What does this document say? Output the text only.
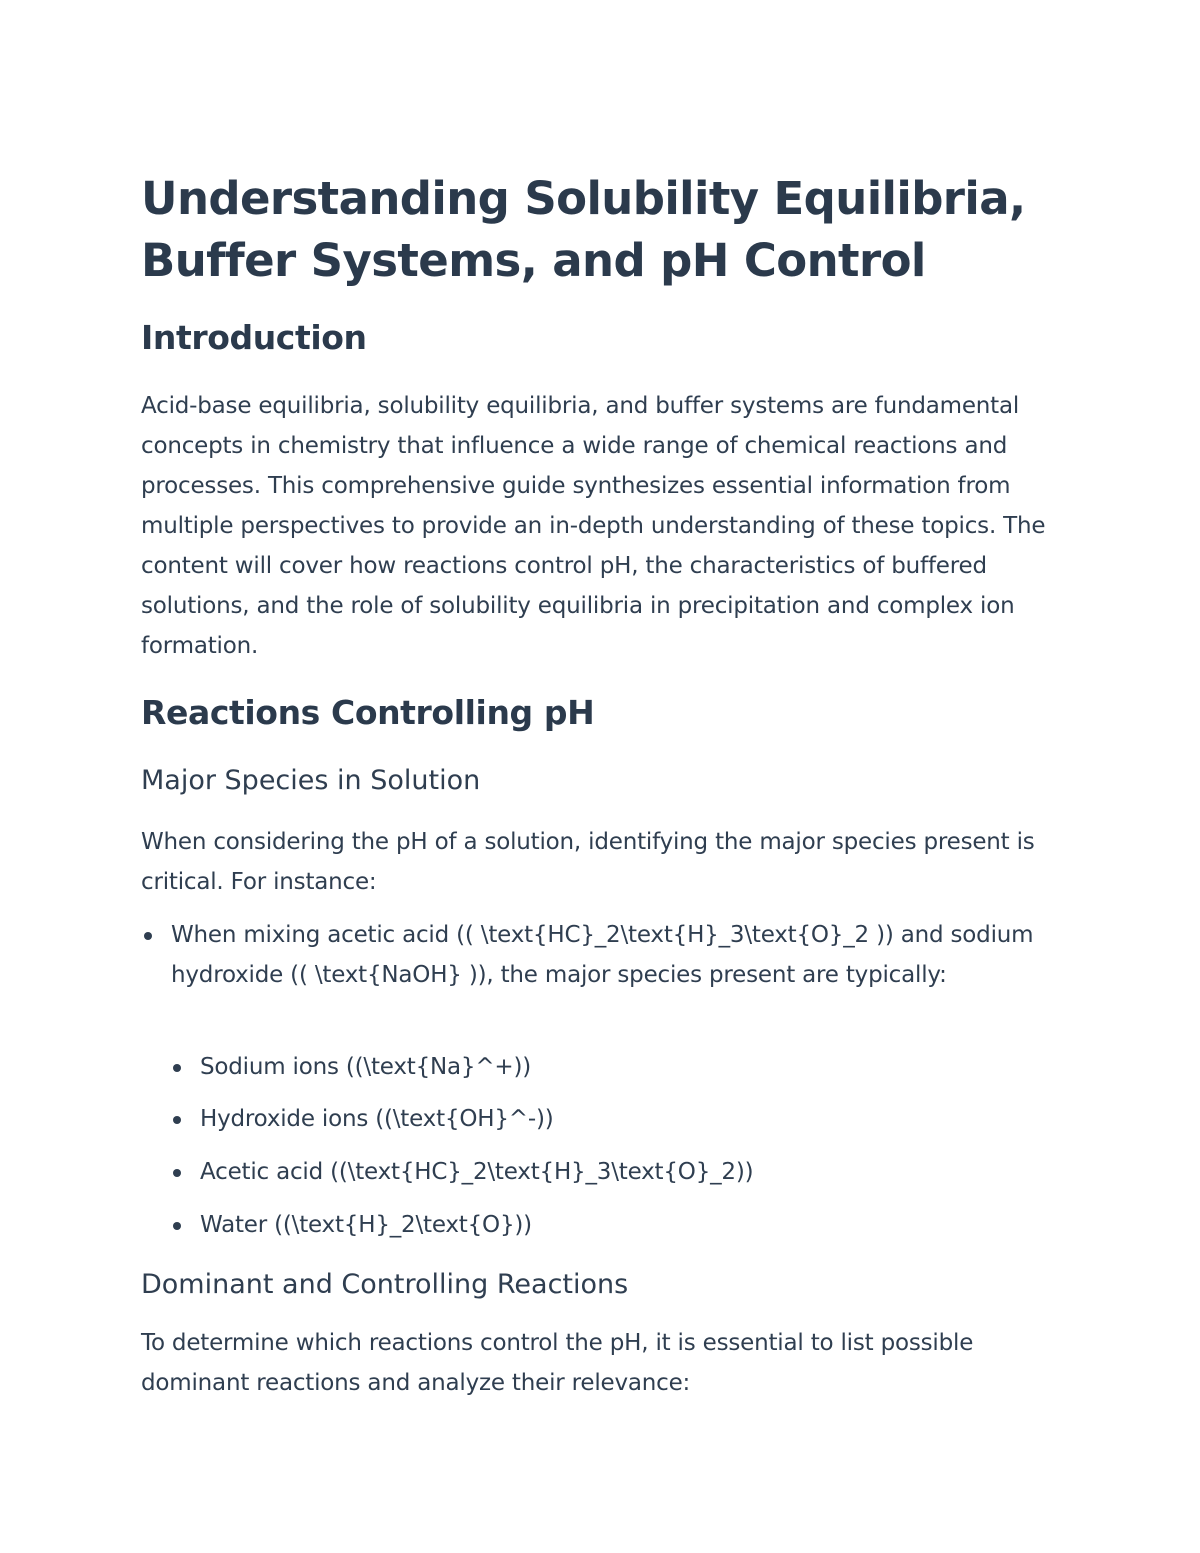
Understanding Solubility Equilibria, Buffer Systems, and pH Control
Introduction

Acid-base equilibria, solubility equilibria, and buffer systems are fundamental concepts in chemistry that influence a wide range of chemical reactions and processes. This comprehensive guide synthesizes essential information from multiple perspectives to provide an in-depth understanding of these topics. The content will cover how reactions control pH, the characteristics of buffered solutions, and the role of solubility equilibria in precipitation and complex ion formation.

Reactions Controlling pH
Major Species in Solution

When considering the pH of a solution, identifying the major species present is critical. For instance:

When mixing acetic acid (( \text{HC}_2\text{H}_3\text{O}_2 )) and sodium hydroxide (( \text{NaOH} )), the major species present are typically:

Sodium ions ((\text{Na}^+))

Hydroxide ions ((\text{OH}^-))

Acetic acid ((\text{HC}_2\text{H}_3\text{O}_2))

Water ((\text{H}_2\text{O}))

Dominant and Controlling Reactions

To determine which reactions control the pH, it is essential to list possible dominant reactions and analyze their relevance:
